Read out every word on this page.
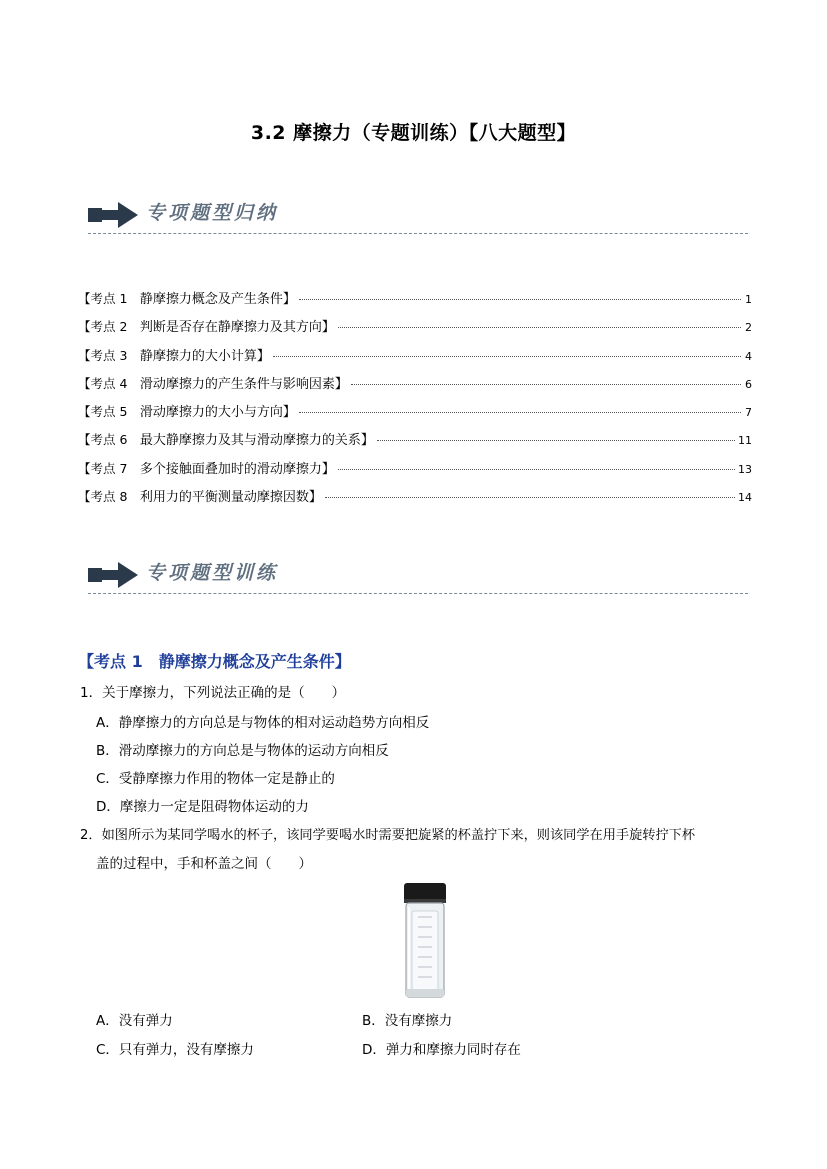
3.2 摩擦力（专题训练）【八大题型】
专项题型归纳
【考点 1 静摩擦力概念及产生条件】	1
【考点 2 判断是否存在静摩擦力及其方向】	2
【考点 3 静摩擦力的大小计算】	4
【考点 4 滑动摩擦力的产生条件与影响因素】	6
【考点 5 滑动摩擦力的大小与方向】	7
【考点 6 最大静摩擦力及其与滑动摩擦力的关系】	11
【考点 7 多个接触面叠加时的滑动摩擦力】	13
【考点 8 利用力的平衡测量动摩擦因数】	14
专项题型训练
【考点 1　静摩擦力概念及产生条件】
1．关于摩擦力，下列说法正确的是（　　）
A．静摩擦力的方向总是与物体的相对运动趋势方向相反
B．滑动摩擦力的方向总是与物体的运动方向相反
C．受静摩擦力作用的物体一定是静止的
D．摩擦力一定是阻碍物体运动的力
2．如图所示为某同学喝水的杯子，该同学要喝水时需要把旋紧的杯盖拧下来，则该同学在用手旋转拧下杯
盖的过程中，手和杯盖之间（　　）
A．没有弹力	B．没有摩擦力
C．只有弹力，没有摩擦力	D．弹力和摩擦力同时存在
